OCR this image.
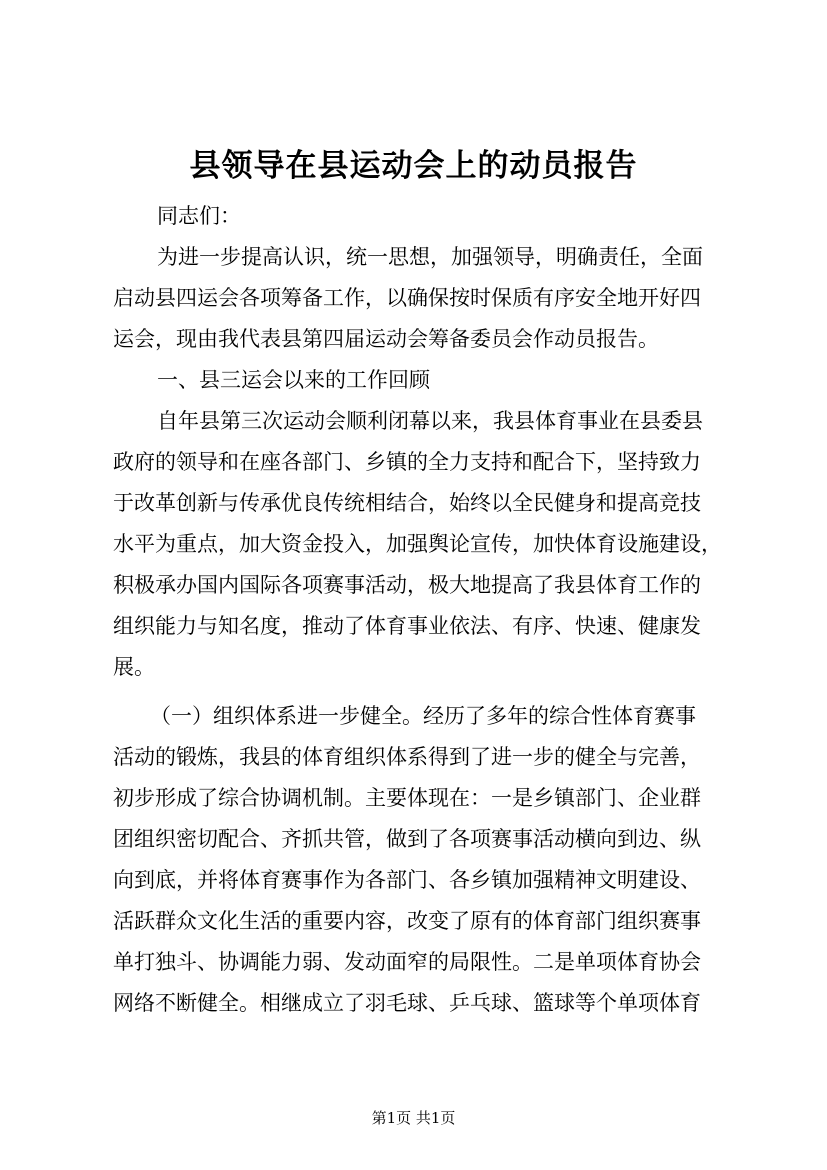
县领导在县运动会上的动员报告
同志们：
为进一步提高认识，统一思想，加强领导，明确责任，全面
启动县四运会各项筹备工作，以确保按时保质有序安全地开好四
运会，现由我代表县第四届运动会筹备委员会作动员报告。
一、县三运会以来的工作回顾
自年县第三次运动会顺利闭幕以来，我县体育事业在县委县
政府的领导和在座各部门、乡镇的全力支持和配合下，坚持致力
于改革创新与传承优良传统相结合，始终以全民健身和提高竞技
水平为重点，加大资金投入，加强舆论宣传，加快体育设施建设，
积极承办国内国际各项赛事活动，极大地提高了我县体育工作的
组织能力与知名度，推动了体育事业依法、有序、快速、健康发
展。
（一）组织体系进一步健全。经历了多年的综合性体育赛事
活动的锻炼，我县的体育组织体系得到了进一步的健全与完善，
初步形成了综合协调机制。主要体现在：一是乡镇部门、企业群
团组织密切配合、齐抓共管，做到了各项赛事活动横向到边、纵
向到底，并将体育赛事作为各部门、各乡镇加强精神文明建设、
活跃群众文化生活的重要内容，改变了原有的体育部门组织赛事
单打独斗、协调能力弱、发动面窄的局限性。二是单项体育协会
网络不断健全。相继成立了羽毛球、乒乓球、篮球等个单项体育
第1页 共1页
